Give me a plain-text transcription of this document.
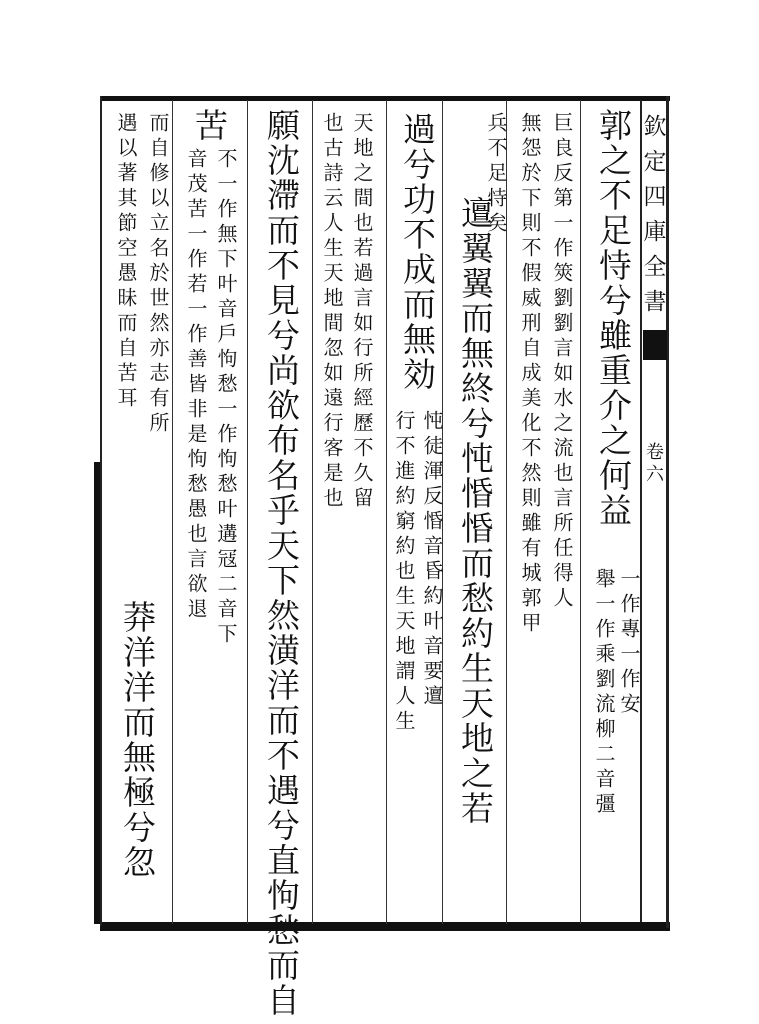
欽定四庫全書
卷六
郭之不足恃兮雖重介之何益
一作專一作安
舉一作乘劉流柳二音彊
巨良反第一作筴劉劉言如水之流也言所任得人
無怨於下則不假威刑自成美化不然則雖有城郭甲
兵不足恃矣
邅翼翼而無終兮忳惛惛而愁約生天地之若
過兮功不成而無効
忳徒渾反惛音昏約叶音要邅
行不進約窮約也生天地謂人生
天地之間也若過言如行所經歷不久留
也古詩云人生天地間忽如遠行客是也
願沈滯而不見兮尚欲布名乎天下然潢洋而不遇兮直怐愁而自
苦
不一作無下叶音戶怐愁一作怐愁叶遘冦二音下
音茂苦一作若一作善皆非是怐愁愚也言欲退
而自修以立名於世然亦志有所
遇以著其節空愚昧而自苦耳
莽洋洋而無極兮忽
